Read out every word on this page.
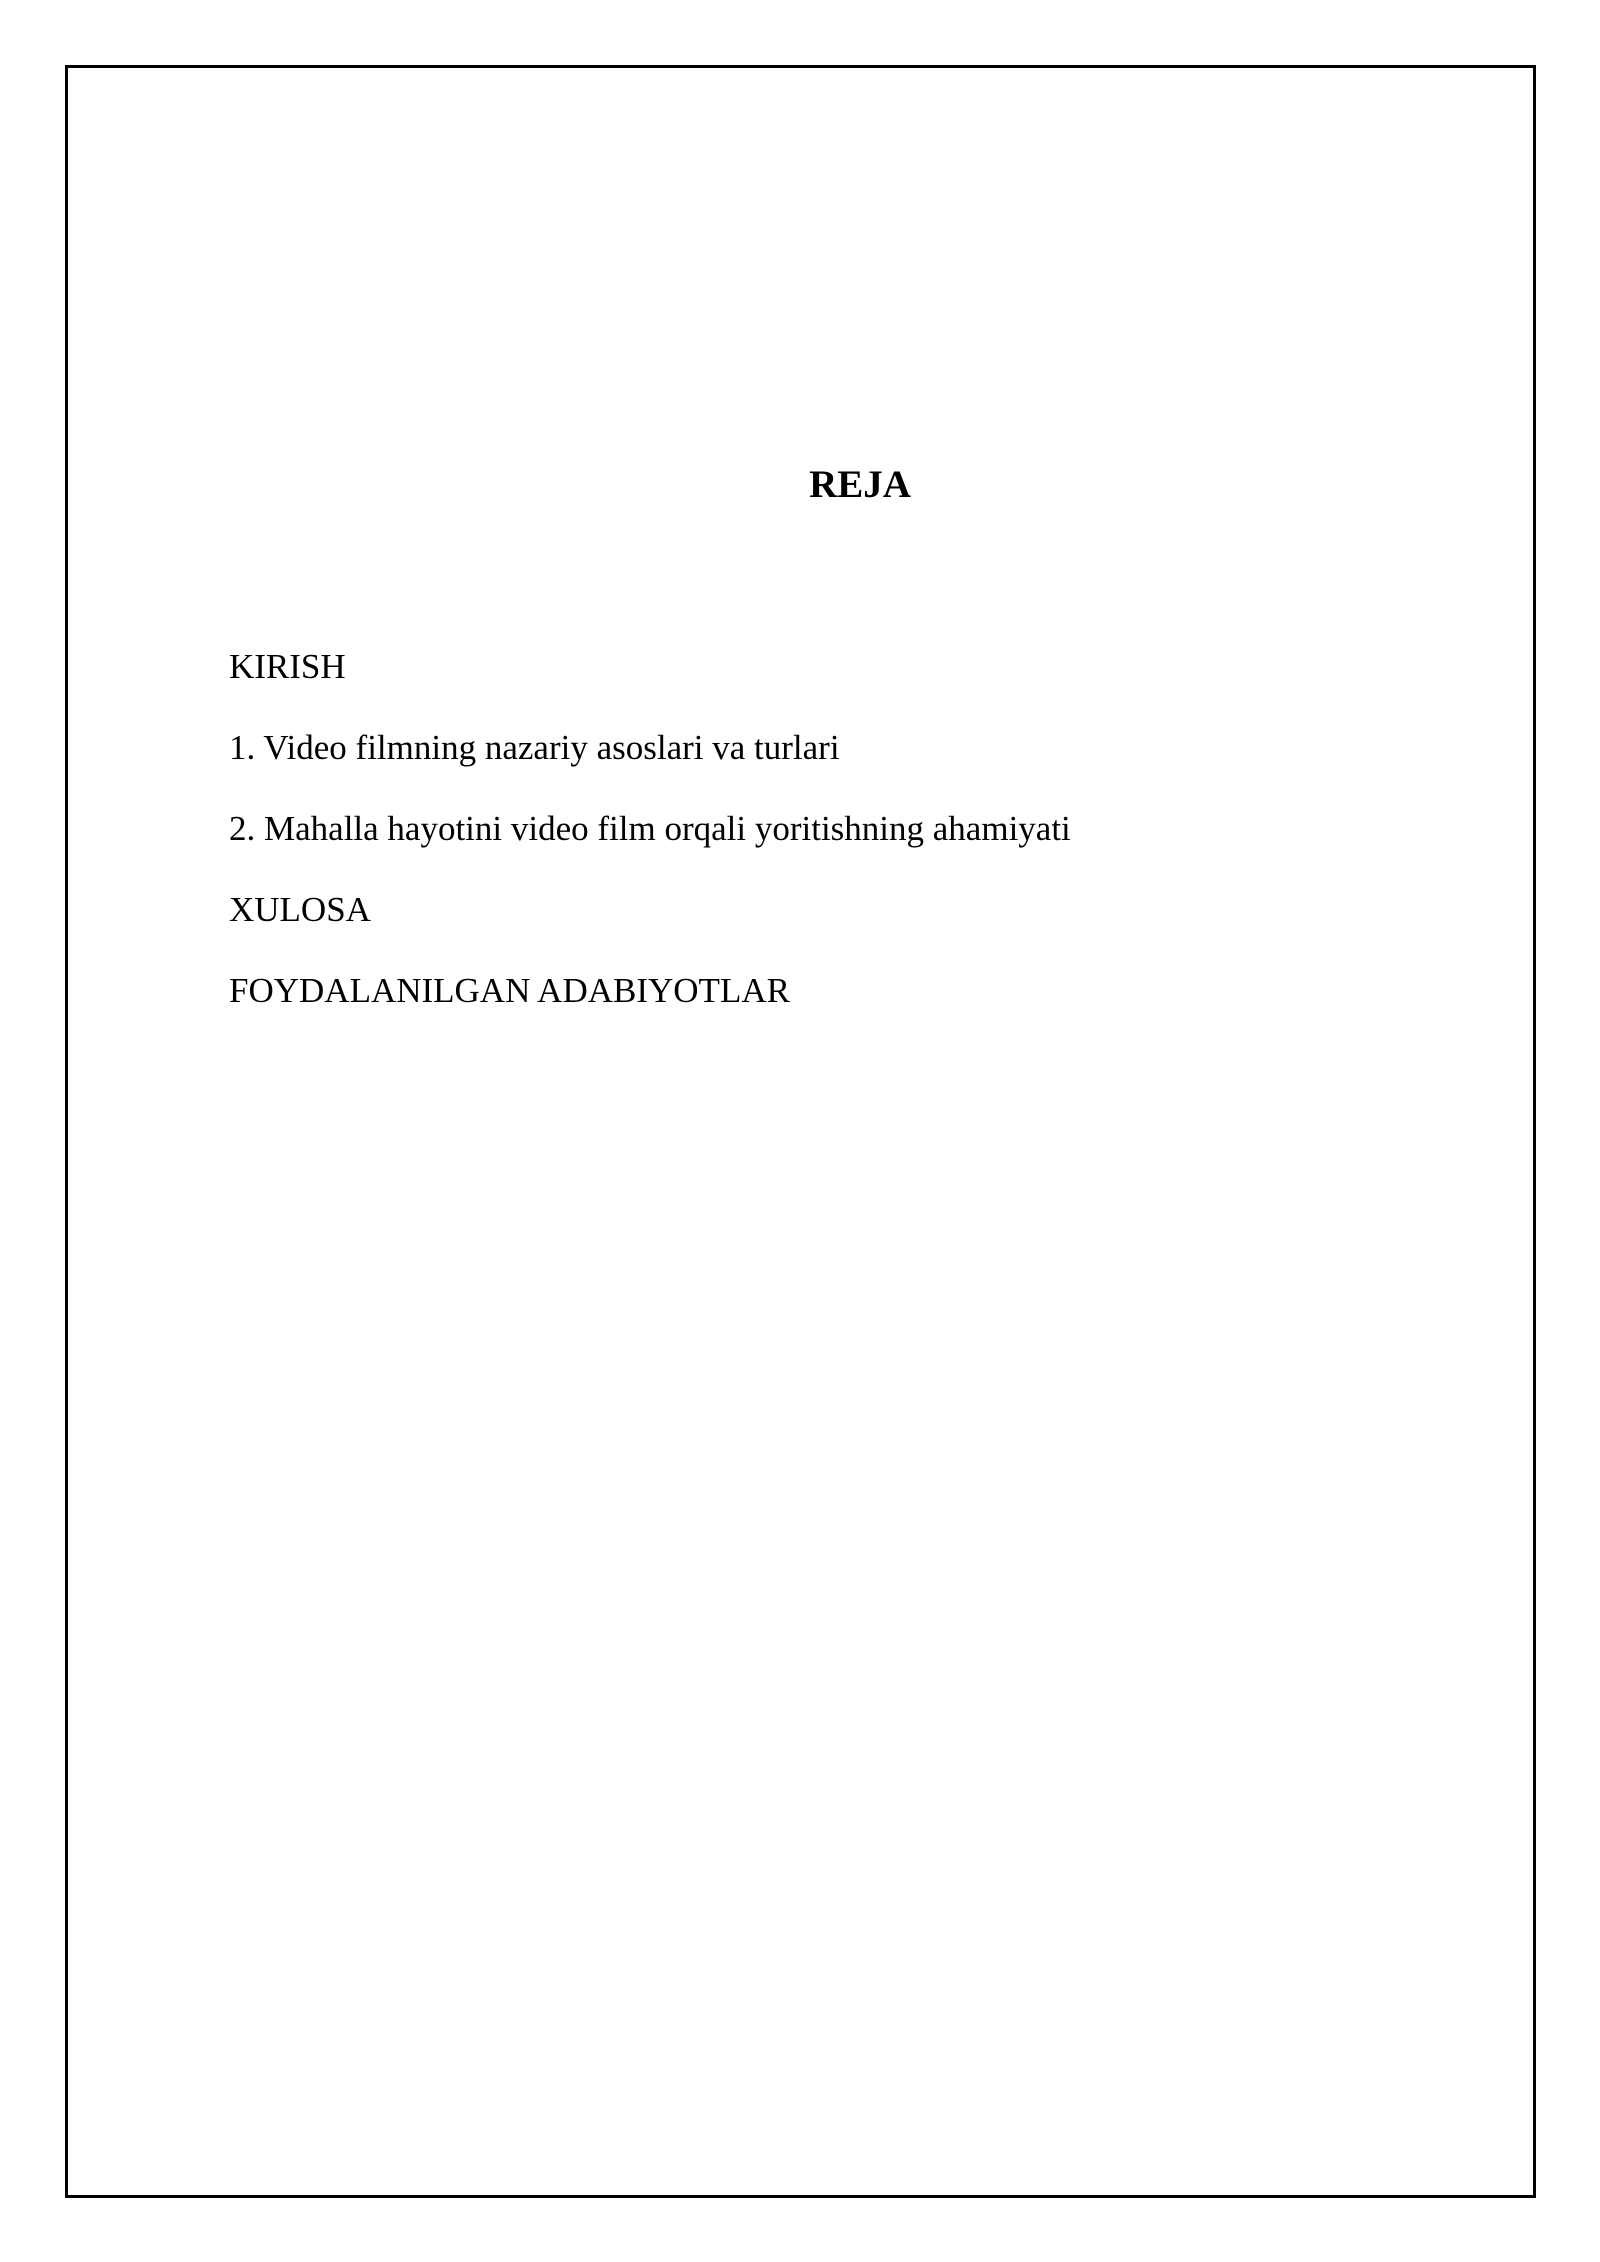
REJA
KIRISH
1. Video filmning nazariy asoslari va turlari
2. Mahalla hayotini video film orqali yoritishning ahamiyati
XULOSA
FOYDALANILGAN ADABIYOTLAR
